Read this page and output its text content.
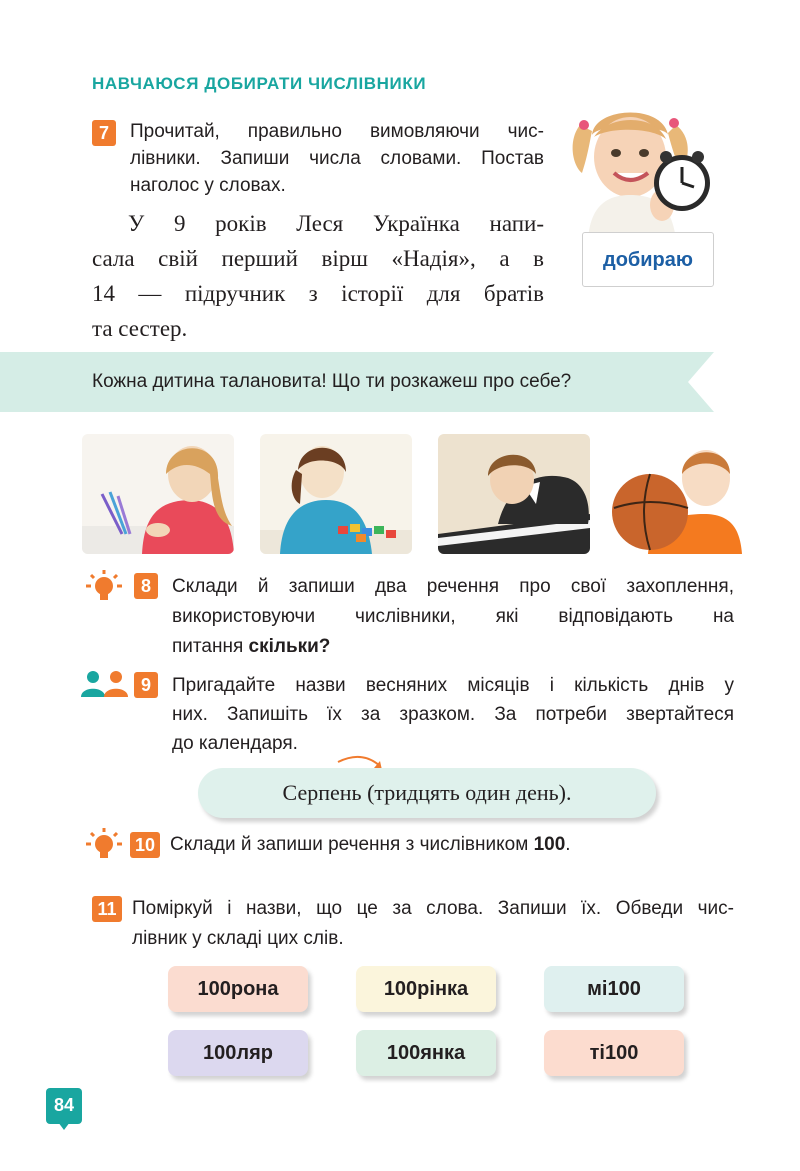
НАВЧАЮСЯ ДОБИРАТИ ЧИСЛІВНИКИ
7	Прочитай, правильно вимовляючи чис-
лівники. Запиши числа словами. Постав
наголос у словах.
У 9 років Леся Українка напи-
сала свій перший вірш «Надія», а в
14 — підручник з історії для братів
та сестер.
добираю
Кожна дитина талановита! Що ти розкажеш про себе?
8	Склади й запиши два речення про свої захоплення,
використовуючи числівники, які відповідають на
питання скільки?
9	Пригадайте назви весняних місяців і кількість днів у
них. Запишіть їх за зразком. За потреби звертайтеся
до календаря.
Серпень (тридцять один день).
10 Склади й запиши речення з числівником 100.
11 Поміркуй і назви, що це за слова. Запиши їх. Обведи чис-
лівник у складі цих слів.
100рона	100рінка	мі100
100ляр	100янка	ті100
84
